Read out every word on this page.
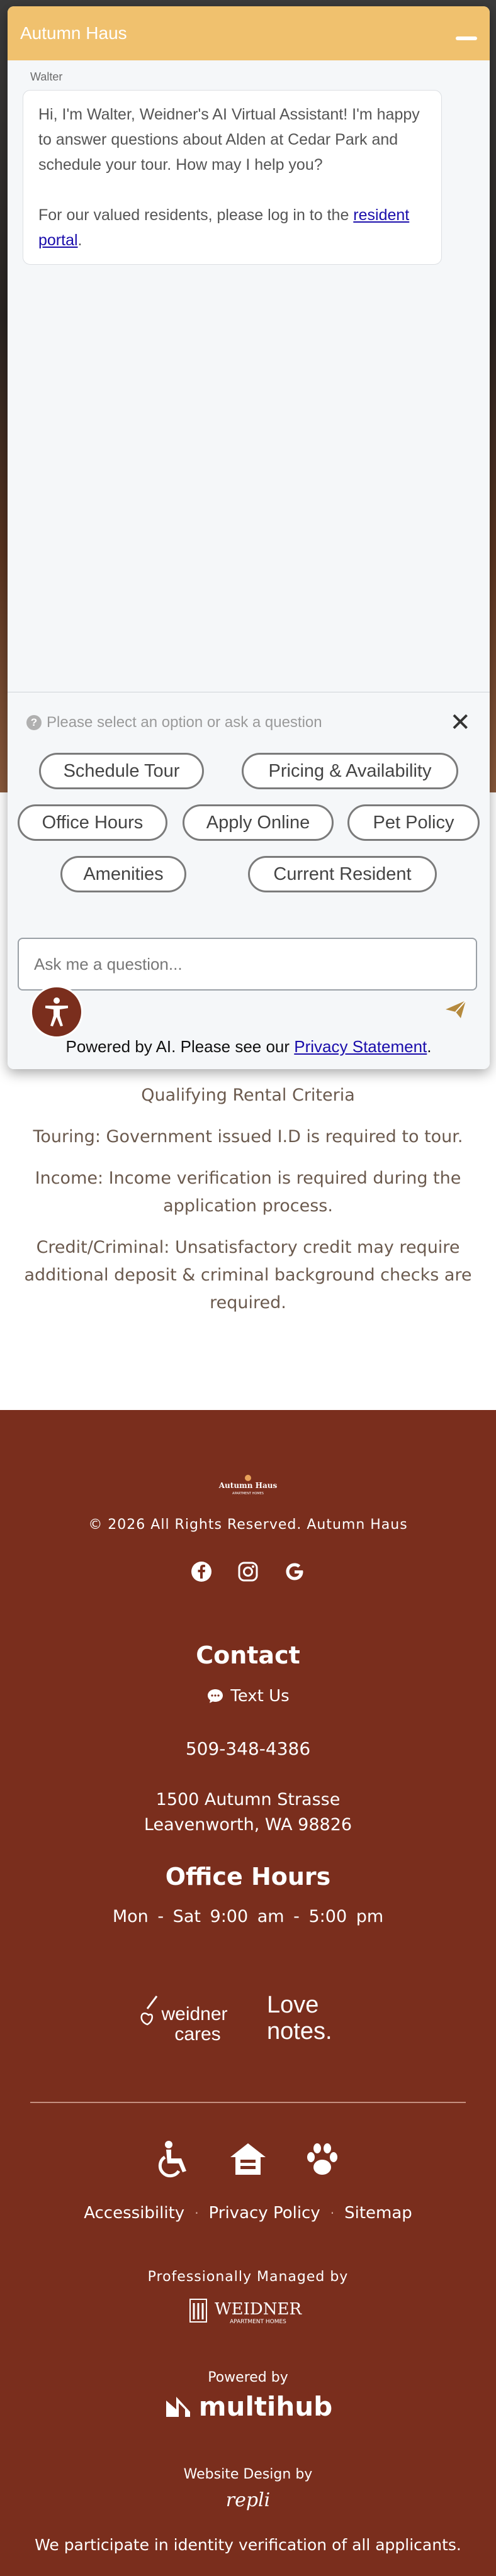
Autumn Haus
Walter

Hi, I'm Walter, Weidner's AI Virtual Assistant! I'm happy to answer questions about Alden at Cedar Park and schedule your tour. How may I help you?

For our valued residents, please log in to the resident portal.

? Please select an option or ask a question	✕
Schedule Tour	Pricing & Availability
Office Hours	Apply Online	Pet Policy
Amenities	Current Resident
Ask me a question...
Powered by AI. Please see our Privacy Statement.

Qualifying Rental Criteria

Touring: Government issued I.D is required to tour.

Income: Income verification is required during the application process.

Credit/Criminal: Unsatisfactory credit may require additional deposit & criminal background checks are required.

Autumn Haus
APARTMENT HOMES
© 2026 All Rights Reserved. Autumn Haus
Contact
Text Us
509-348-4386
1500 Autumn Strasse
Leavenworth, WA 98826
Office Hours
Mon - Sat 9:00 am - 5:00 pm
weidner
cares
Love
notes.
Accessibility · Privacy Policy · Sitemap
Professionally Managed by
WEIDNER
APARTMENT HOMES
Powered by
multihub
Website Design by
repli
We participate in identity verification of all applicants.
